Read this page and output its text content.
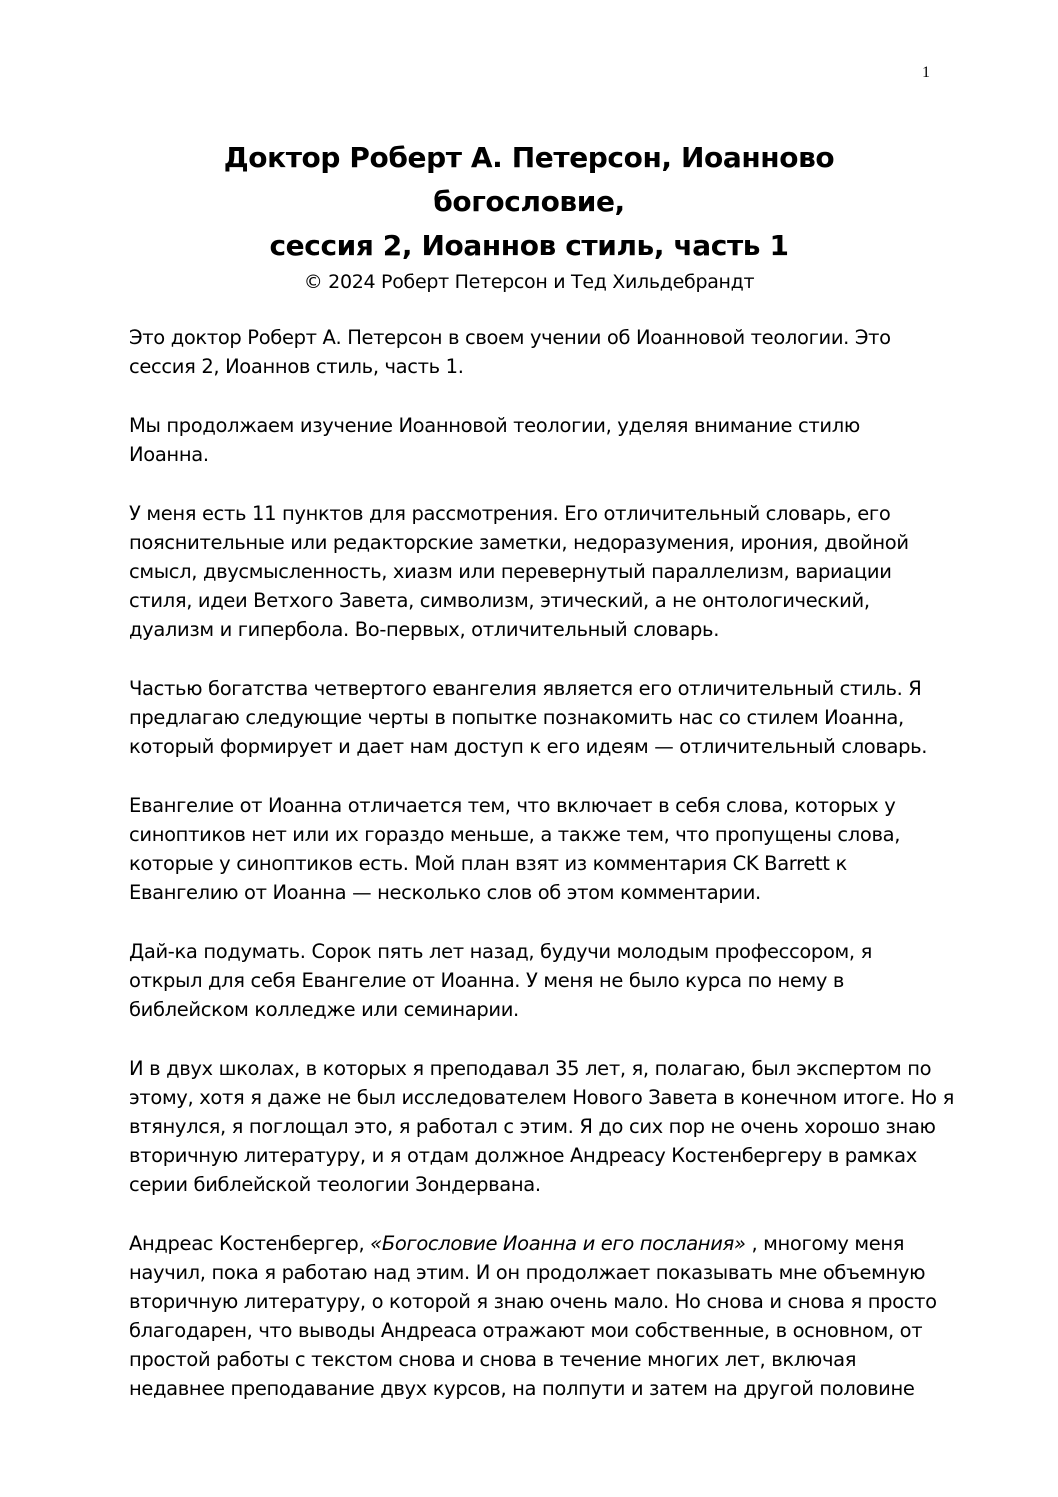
1
Доктор Роберт А. Петерсон, Иоанново
богословие,
сессия 2, Иоаннов стиль, часть 1
© 2024 Роберт Петерсон и Тед Хильдебрандт

Это доктор Роберт А. Петерсон в своем учении об Иоанновой теологии. Это
сессия 2, Иоаннов стиль, часть 1.

Мы продолжаем изучение Иоанновой теологии, уделяя внимание стилю
Иоанна.

У меня есть 11 пунктов для рассмотрения. Его отличительный словарь, его
пояснительные или редакторские заметки, недоразумения, ирония, двойной
смысл, двусмысленность, хиазм или перевернутый параллелизм, вариации
стиля, идеи Ветхого Завета, символизм, этический, а не онтологический,
дуализм и гипербола. Во-первых, отличительный словарь.

Частью богатства четвертого евангелия является его отличительный стиль. Я
предлагаю следующие черты в попытке познакомить нас со стилем Иоанна,
который формирует и дает нам доступ к его идеям — отличительный словарь.

Евангелие от Иоанна отличается тем, что включает в себя слова, которых у
синоптиков нет или их гораздо меньше, а также тем, что пропущены слова,
которые у синоптиков есть. Мой план взят из комментария CK Barrett к
Евангелию от Иоанна — несколько слов об этом комментарии.

Дай-ка подумать. Сорок пять лет назад, будучи молодым профессором, я
открыл для себя Евангелие от Иоанна. У меня не было курса по нему в
библейском колледже или семинарии.

И в двух школах, в которых я преподавал 35 лет, я, полагаю, был экспертом по
этому, хотя я даже не был исследователем Нового Завета в конечном итоге. Но я
втянулся, я поглощал это, я работал с этим. Я до сих пор не очень хорошо знаю
вторичную литературу, и я отдам должное Андреасу Костенбергеру в рамках
серии библейской теологии Зондервана.

Андреас Костенбергер, «Богословие Иоанна и его послания» , многому меня
научил, пока я работаю над этим. И он продолжает показывать мне объемную
вторичную литературу, о которой я знаю очень мало. Но снова и снова я просто
благодарен, что выводы Андреаса отражают мои собственные, в основном, от
простой работы с текстом снова и снова в течение многих лет, включая
недавнее преподавание двух курсов, на полпути и затем на другой половине
